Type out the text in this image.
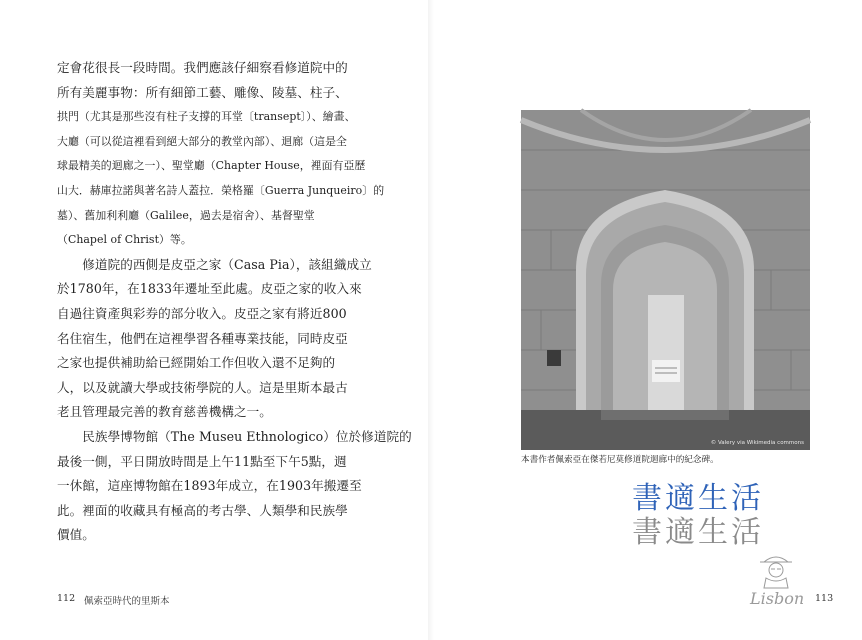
定會花很長一段時間。我們應該仔細察看修道院中的
所有美麗事物：所有細節工藝、雕像、陵墓、柱子、
拱門（尤其是那些沒有柱子支撐的耳堂〔transept〕）、繪畫、
大廳（可以從這裡看到絕大部分的教堂內部）、迴廊（這是全
球最精美的迴廊之一）、聖堂廳（Chapter House，裡面有亞歷
山大．赫庫拉諾與著名詩人蓋拉．榮格羅〔Guerra Junqueiro〕的
墓）、舊加利利廳（Galilee，過去是宿舍）、基督聖堂
（Chapel of Christ）等。
　　修道院的西側是皮亞之家（Casa Pia），該組織成立
於1780年，在1833年遷址至此處。皮亞之家的收入來
自過往資產與彩券的部分收入。皮亞之家有將近800
名住宿生，他們在這裡學習各種專業技能，同時皮亞
之家也提供補助給已經開始工作但收入還不足夠的
人，以及就讀大學或技術學院的人。這是里斯本最古
老且管理最完善的教育慈善機構之一。
　　民族學博物館（The Museu Ethnologico）位於修道院的
最後一側，平日開放時間是上午11點至下午5點，週
一休館，這座博物館在1893年成立，在1903年搬遷至
此。裡面的收藏具有極高的考古學、人類學和民族學
價值。
112 佩索亞時代的里斯本
© Valery via Wikimedia commons
本書作者佩索亞在傑若尼莫修道院迴廊中的紀念碑。
書適生活
書適生活
Lisbon 113
